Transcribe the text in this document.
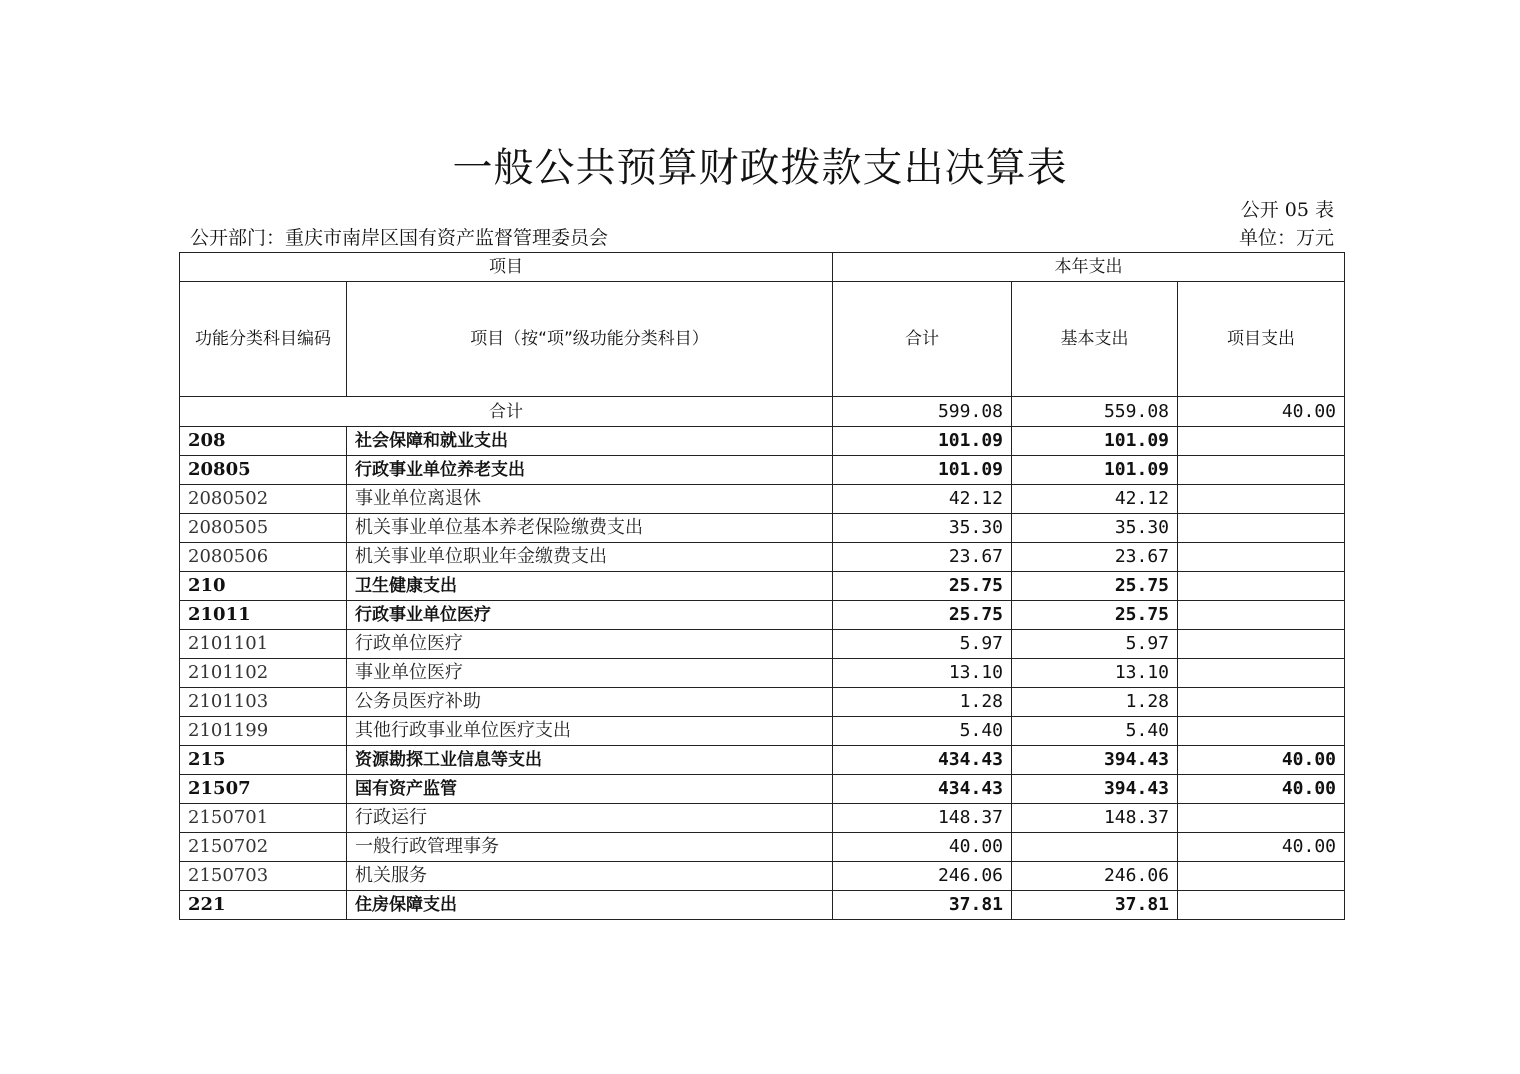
一般公共预算财政拨款支出决算表
公开 05 表
公开部门：重庆市南岸区国有资产监督管理委员会	单位：万元
项目		本年支出		
功能分类科目编码	项目（按“项”级功能分类科目）	合计	基本支出	项目支出
合计		599.08	559.08	40.00
208	社会保障和就业支出	101.09	101.09	
20805	行政事业单位养老支出	101.09	101.09	
2080502	事业单位离退休	42.12	42.12	
2080505	机关事业单位基本养老保险缴费支出	35.30	35.30	
2080506	机关事业单位职业年金缴费支出	23.67	23.67	
210	卫生健康支出	25.75	25.75	
21011	行政事业单位医疗	25.75	25.75	
2101101	行政单位医疗	5.97	5.97	
2101102	事业单位医疗	13.10	13.10	
2101103	公务员医疗补助	1.28	1.28	
2101199	其他行政事业单位医疗支出	5.40	5.40	
215	资源勘探工业信息等支出	434.43	394.43	40.00
21507	国有资产监管	434.43	394.43	40.00
2150701	行政运行	148.37	148.37	
2150702	一般行政管理事务	40.00		40.00
2150703	机关服务	246.06	246.06	
221	住房保障支出	37.81	37.81	
